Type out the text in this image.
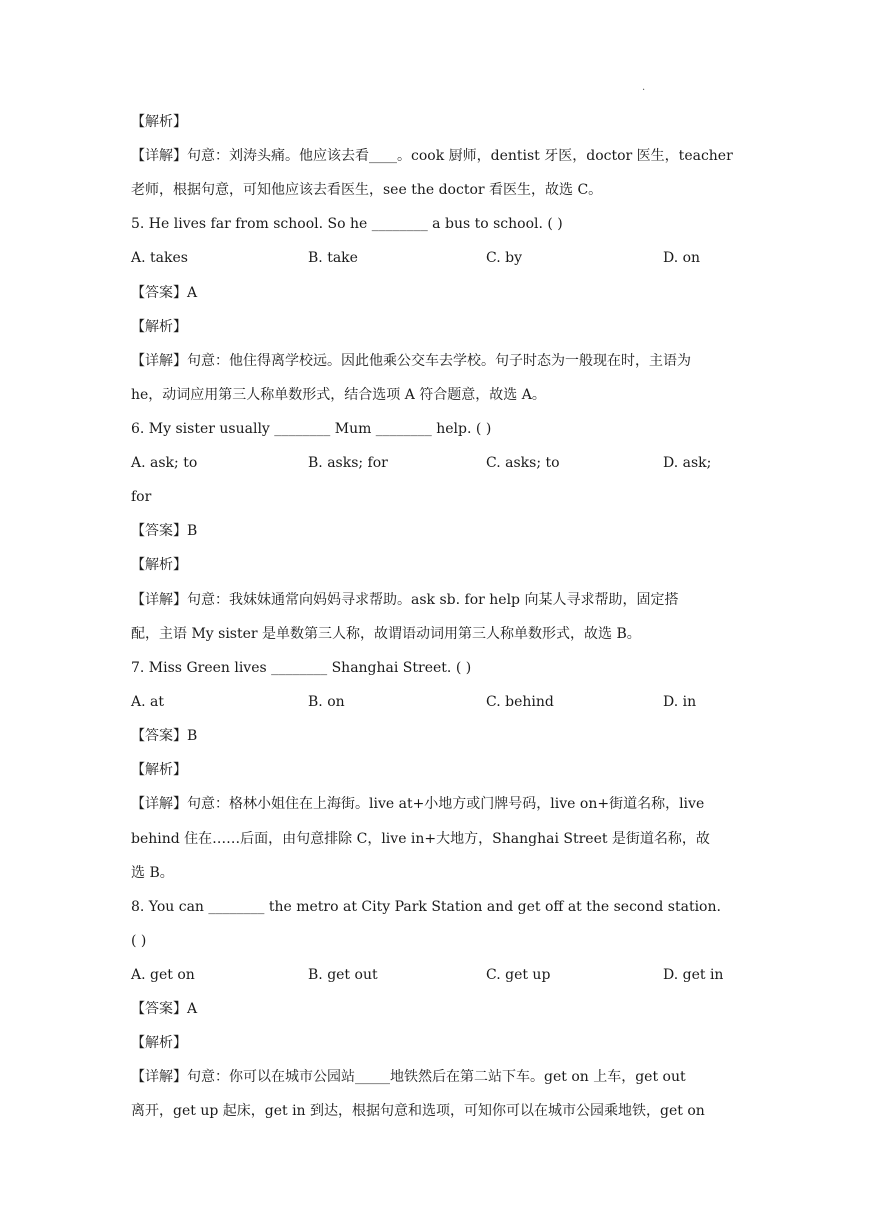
.
【解析】
【详解】句意：刘涛头痛。他应该去看____。cook 厨师，dentist 牙医，doctor 医生，teacher
老师，根据句意，可知他应该去看医生，see the doctor 看医生，故选 C。
5. He lives far from school. So he ________ a bus to school. ( )
A. takes	B. take	C. by	D. on
【答案】A
【解析】
【详解】句意：他住得离学校远。因此他乘公交车去学校。句子时态为一般现在时，主语为
he，动词应用第三人称单数形式，结合选项 A 符合题意，故选 A。
6. My sister usually ________ Mum ________ help. ( )
A. ask; to	B. asks; for	C. asks; to	D. ask;
for
【答案】B
【解析】
【详解】句意：我妹妹通常向妈妈寻求帮助。ask sb. for help 向某人寻求帮助，固定搭
配，主语 My sister 是单数第三人称，故谓语动词用第三人称单数形式，故选 B。
7. Miss Green lives ________ Shanghai Street. ( )
A. at	B. on	C. behind	D. in
【答案】B
【解析】
【详解】句意：格林小姐住在上海街。live at+小地方或门牌号码，live on+街道名称，live
behind 住在……后面，由句意排除 C，live in+大地方，Shanghai Street 是街道名称，故
选 B。
8. You can ________ the metro at City Park Station and get off at the second station.
( )
A. get on	B. get out	C. get up	D. get in
【答案】A
【解析】
【详解】句意：你可以在城市公园站_____地铁然后在第二站下车。get on 上车，get out
离开，get up 起床，get in 到达，根据句意和选项，可知你可以在城市公园乘地铁，get on
